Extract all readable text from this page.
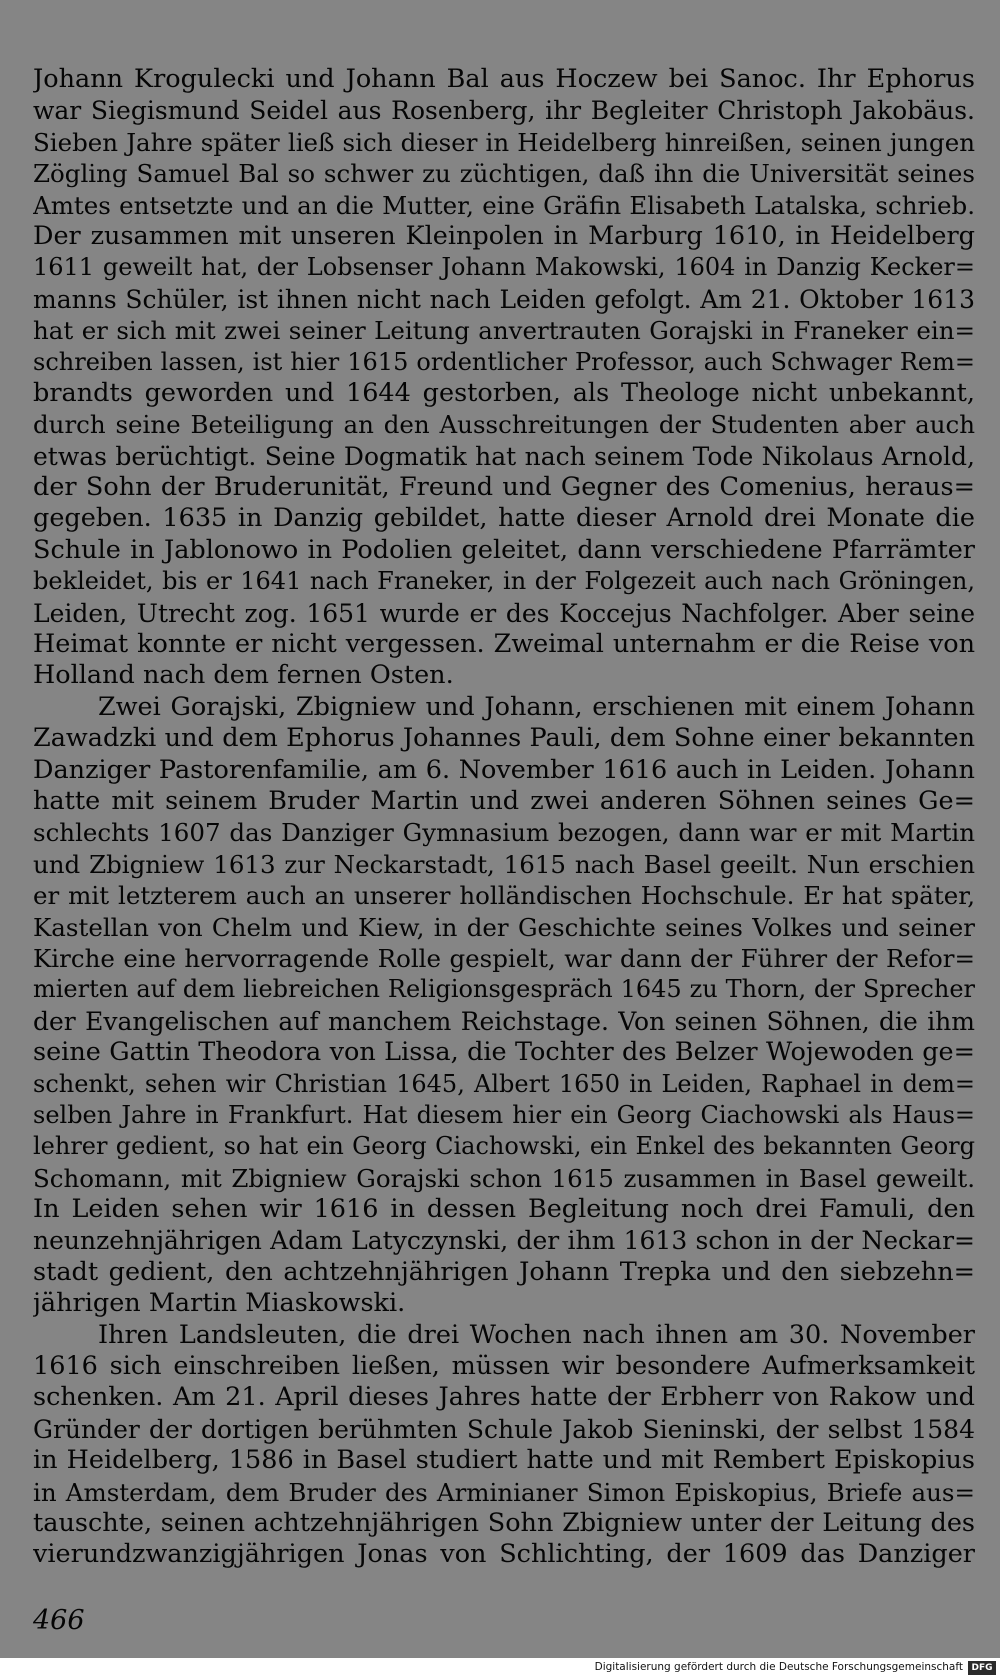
Johann Krogulecki und Johann Bal aus Hoczew bei Sanoc. Ihr Ephorus
war Siegismund Seidel aus Rosenberg, ihr Begleiter Christoph Jakobäus.
Sieben Jahre später ließ sich dieser in Heidelberg hinreißen, seinen jungen
Zögling Samuel Bal so schwer zu züchtigen, daß ihn die Universität seines
Amtes entsetzte und an die Mutter, eine Gräfin Elisabeth Latalska, schrieb.
Der zusammen mit unseren Kleinpolen in Marburg 1610, in Heidelberg
1611 geweilt hat, der Lobsenser Johann Makowski, 1604 in Danzig Kecker=
manns Schüler, ist ihnen nicht nach Leiden gefolgt. Am 21. Oktober 1613
hat er sich mit zwei seiner Leitung anvertrauten Gorajski in Franeker ein=
schreiben lassen, ist hier 1615 ordentlicher Professor, auch Schwager Rem=
brandts geworden und 1644 gestorben, als Theologe nicht unbekannt,
durch seine Beteiligung an den Ausschreitungen der Studenten aber auch
etwas berüchtigt. Seine Dogmatik hat nach seinem Tode Nikolaus Arnold,
der Sohn der Bruderunität, Freund und Gegner des Comenius, heraus=
gegeben. 1635 in Danzig gebildet, hatte dieser Arnold drei Monate die
Schule in Jablonowo in Podolien geleitet, dann verschiedene Pfarrämter
bekleidet, bis er 1641 nach Franeker, in der Folgezeit auch nach Gröningen,
Leiden, Utrecht zog. 1651 wurde er des Koccejus Nachfolger. Aber seine
Heimat konnte er nicht vergessen. Zweimal unternahm er die Reise von
Holland nach dem fernen Osten.
Zwei Gorajski, Zbigniew und Johann, erschienen mit einem Johann
Zawadzki und dem Ephorus Johannes Pauli, dem Sohne einer bekannten
Danziger Pastorenfamilie, am 6. November 1616 auch in Leiden. Johann
hatte mit seinem Bruder Martin und zwei anderen Söhnen seines Ge=
schlechts 1607 das Danziger Gymnasium bezogen, dann war er mit Martin
und Zbigniew 1613 zur Neckarstadt, 1615 nach Basel geeilt. Nun erschien
er mit letzterem auch an unserer holländischen Hochschule. Er hat später,
Kastellan von Chelm und Kiew, in der Geschichte seines Volkes und seiner
Kirche eine hervorragende Rolle gespielt, war dann der Führer der Refor=
mierten auf dem liebreichen Religionsgespräch 1645 zu Thorn, der Sprecher
der Evangelischen auf manchem Reichstage. Von seinen Söhnen, die ihm
seine Gattin Theodora von Lissa, die Tochter des Belzer Wojewoden ge=
schenkt, sehen wir Christian 1645, Albert 1650 in Leiden, Raphael in dem=
selben Jahre in Frankfurt. Hat diesem hier ein Georg Ciachowski als Haus=
lehrer gedient, so hat ein Georg Ciachowski, ein Enkel des bekannten Georg
Schomann, mit Zbigniew Gorajski schon 1615 zusammen in Basel geweilt.
In Leiden sehen wir 1616 in dessen Begleitung noch drei Famuli, den
neunzehnjährigen Adam Latyczynski, der ihm 1613 schon in der Neckar=
stadt gedient, den achtzehnjährigen Johann Trepka und den siebzehn=
jährigen Martin Miaskowski.
Ihren Landsleuten, die drei Wochen nach ihnen am 30. November
1616 sich einschreiben ließen, müssen wir besondere Aufmerksamkeit
schenken. Am 21. April dieses Jahres hatte der Erbherr von Rakow und
Gründer der dortigen berühmten Schule Jakob Sieninski, der selbst 1584
in Heidelberg, 1586 in Basel studiert hatte und mit Rembert Episkopius
in Amsterdam, dem Bruder des Arminianer Simon Episkopius, Briefe aus=
tauschte, seinen achtzehnjährigen Sohn Zbigniew unter der Leitung des
vierundzwanzigjährigen Jonas von Schlichting, der 1609 das Danziger
466
Digitalisierung gefördert durch die Deutsche Forschungsgemeinschaft DFG
